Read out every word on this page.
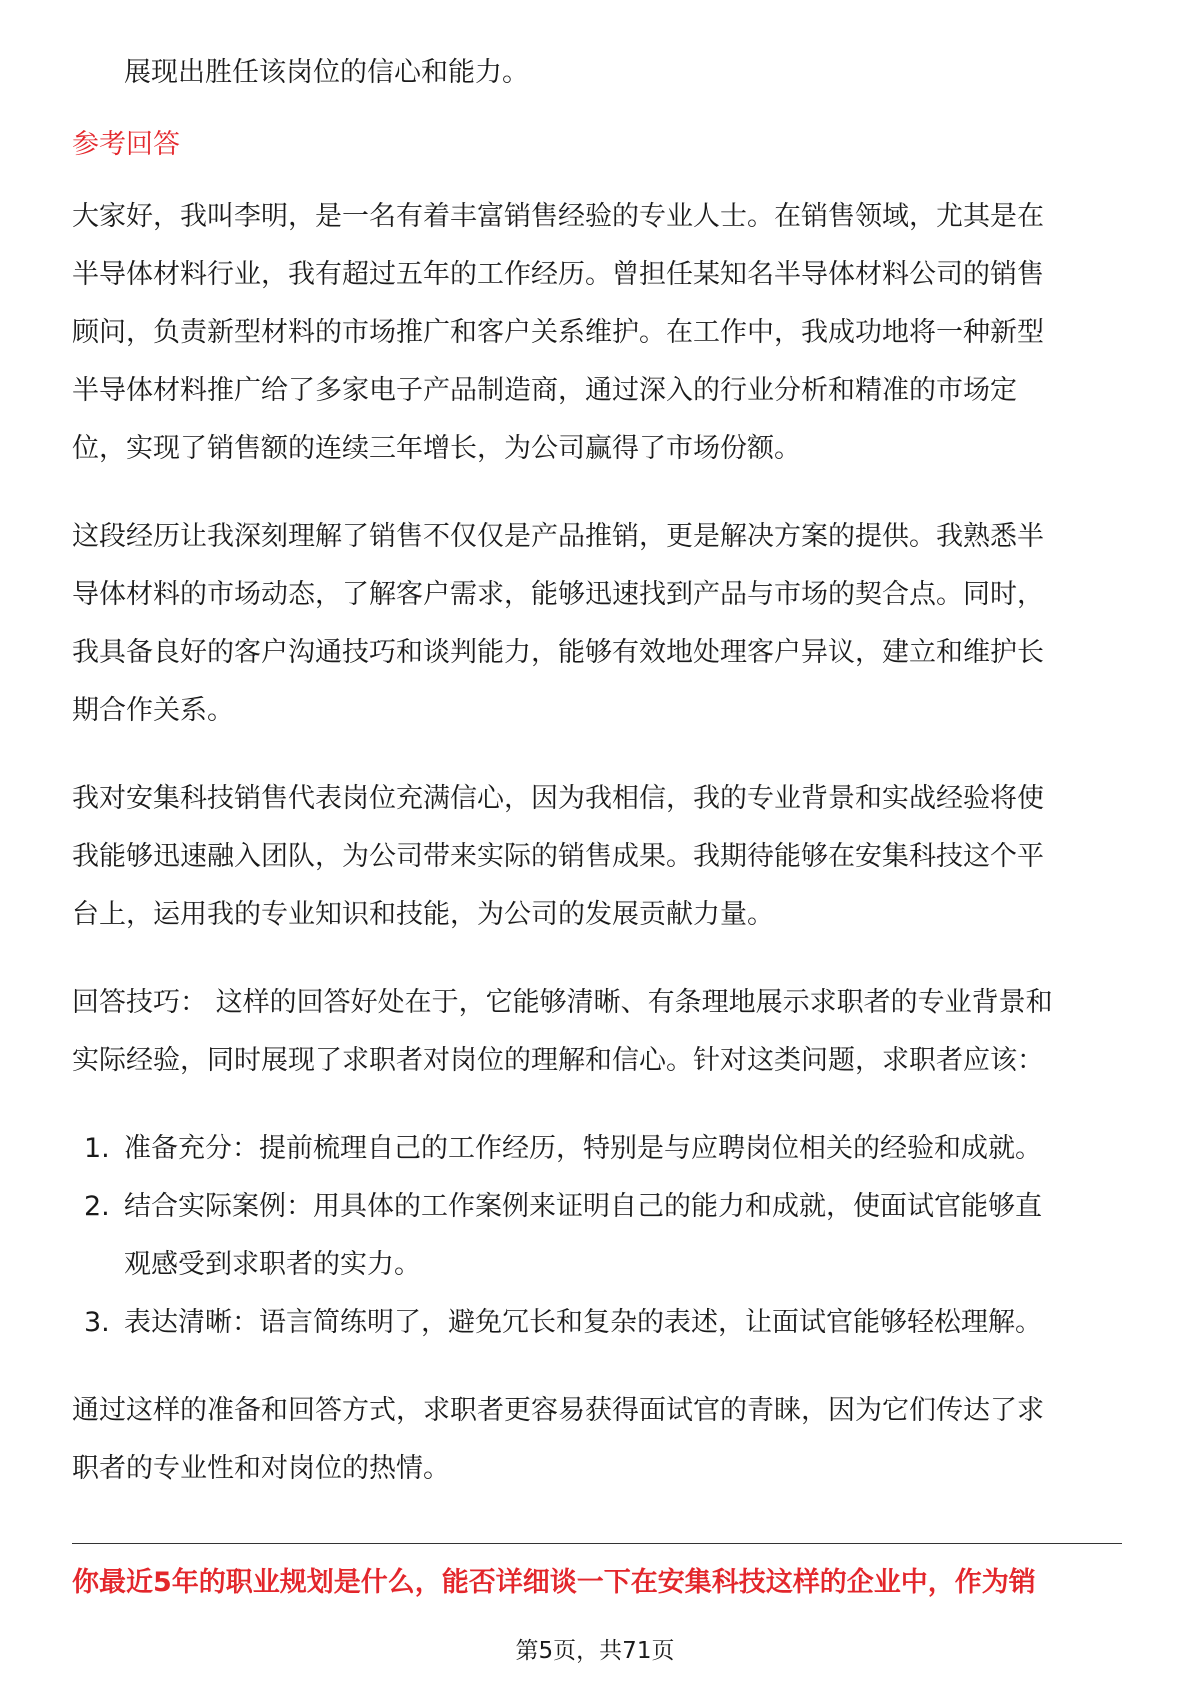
展现出胜任该岗位的信心和能力。

参考回答

大家好，我叫李明，是一名有着丰富销售经验的专业人士。在销售领域，尤其是在

半导体材料行业，我有超过五年的工作经历。曾担任某知名半导体材料公司的销售

顾问，负责新型材料的市场推广和客户关系维护。在工作中，我成功地将一种新型

半导体材料推广给了多家电子产品制造商，通过深入的行业分析和精准的市场定

位，实现了销售额的连续三年增长，为公司赢得了市场份额。

这段经历让我深刻理解了销售不仅仅是产品推销，更是解决方案的提供。我熟悉半

导体材料的市场动态，了解客户需求，能够迅速找到产品与市场的契合点。同时，

我具备良好的客户沟通技巧和谈判能力，能够有效地处理客户异议，建立和维护长

期合作关系。

我对安集科技销售代表岗位充满信心，因为我相信，我的专业背景和实战经验将使

我能够迅速融入团队，为公司带来实际的销售成果。我期待能够在安集科技这个平

台上，运用我的专业知识和技能，为公司的发展贡献力量。

回答技巧： 这样的回答好处在于，它能够清晰、有条理地展示求职者的专业背景和

实际经验，同时展现了求职者对岗位的理解和信心。针对这类问题，求职者应该：

1. 准备充分：提前梳理自己的工作经历，特别是与应聘岗位相关的经验和成就。

2. 结合实际案例：用具体的工作案例来证明自己的能力和成就，使面试官能够直

观感受到求职者的实力。

3. 表达清晰：语言简练明了，避免冗长和复杂的表述，让面试官能够轻松理解。

通过这样的准备和回答方式，求职者更容易获得面试官的青睐，因为它们传达了求

职者的专业性和对岗位的热情。

你最近5年的职业规划是什么，能否详细谈一下在安集科技这样的企业中，作为销
第5页，共71页
